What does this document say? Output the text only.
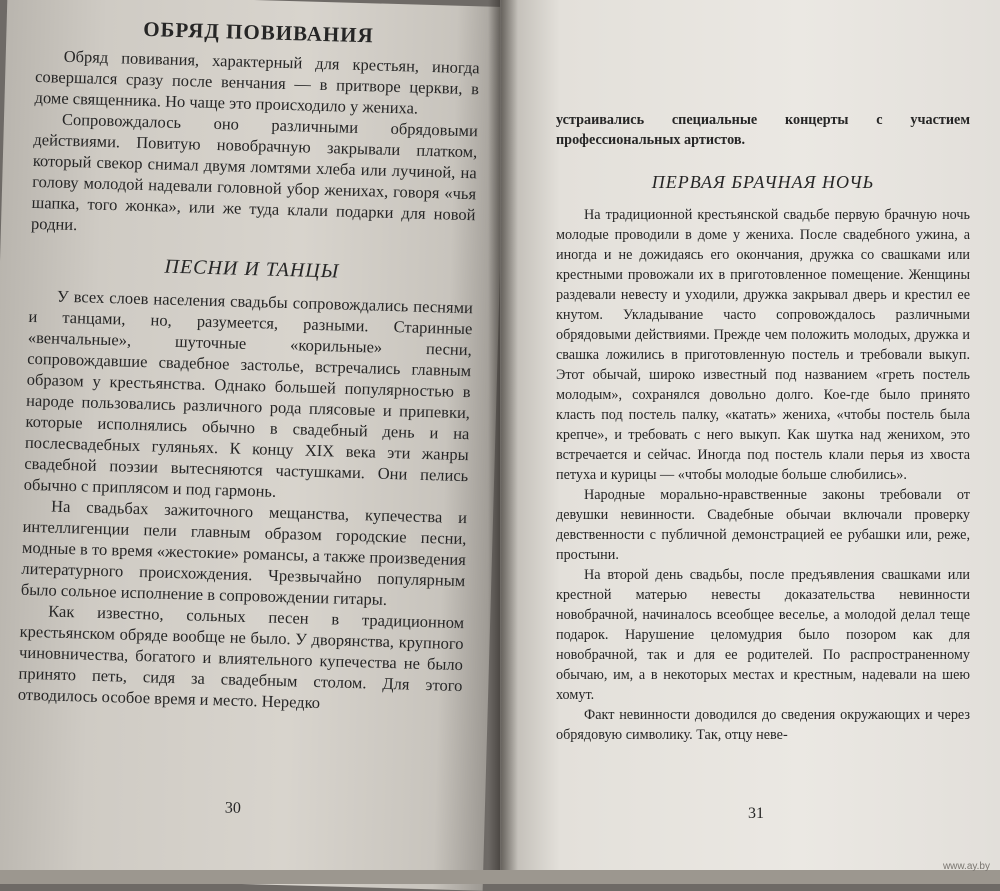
ОБРЯД ПОВИВАНИЯ

Обряд повивания, характерный для крестьян, иногда совершался сразу после венчания — в притворе церкви, в доме священника. Но чаще это происходило у жениха.

Сопровождалось оно различными обрядовыми действиями. Повитую новобрачную закрывали платком, который свекор снимал двумя ломтями хлеба или лучиной, на голову молодой надевали головной убор женихах, говоря «чья шапка, того жонка», или же туда клали подарки для новой родни.

ПЕСНИ И ТАНЦЫ

У всех слоев населения свадьбы сопровождались песнями и танцами, но, разумеется, разными. Старинные «венчальные», шуточные «корильные» песни, сопровождавшие свадебное застолье, встречались главным образом у крестьянства. Однако большей популярностью в народе пользовались различного рода плясовые и припевки, которые исполнялись обычно в свадебный день и на послесвадебных гуляньях. К концу XIX века эти жанры свадебной поэзии вытесняются частушками. Они пелись обычно с приплясом и под гармонь.

На свадьбах зажиточного мещанства, купечества и интеллигенции пели главным образом городские песни, модные в то время «жестокие» романсы, а также произведения литературного происхождения. Чрезвычайно популярным было сольное исполнение в сопровождении гитары.

Как известно, сольных песен в традиционном крестьянском обряде вообще не было. У дворянства, крупного чиновничества, богатого и влиятельного купечества не было принято петь, сидя за свадебным столом. Для этого отводилось особое время и место. Нередко

30

устраивались специальные концерты с участием профессиональных артистов.

ПЕРВАЯ БРАЧНАЯ НОЧЬ

На традиционной крестьянской свадьбе первую брачную ночь молодые проводили в доме у жениха. После свадебного ужина, а иногда и не дожидаясь его окончания, дружка со свашками или крестными провожали их в приготовленное помещение. Женщины раздевали невесту и уходили, дружка закрывал дверь и крестил ее кнутом. Укладывание часто сопровождалось различными обрядовыми действиями. Прежде чем положить молодых, дружка и свашка ложились в приготовленную постель и требовали выкуп. Этот обычай, широко известный под названием «греть постель молодым», сохранялся довольно долго. Кое-где было принято класть под постель палку, «катать» жениха, «чтобы постель была крепче», и требовать с него выкуп. Как шутка над женихом, это встречается и сейчас. Иногда под постель клали перья из хвоста петуха и курицы — «чтобы молодые больше слюбились».

Народные морально-нравственные законы требовали от девушки невинности. Свадебные обычаи включали проверку девственности с публичной демонстрацией ее рубашки или, реже, простыни.

На второй день свадьбы, после предъявления свашками или крестной матерью невесты доказательства невинности новобрачной, начиналось всеобщее веселье, а молодой делал теще подарок. Нарушение целомудрия было позором как для новобрачной, так и для ее родителей. По распространенному обычаю, им, а в некоторых местах и крестным, надевали на шею хомут.

Факт невинности доводился до сведения окружающих и через обрядовую символику. Так, отцу неве-

31
www.ay.by
